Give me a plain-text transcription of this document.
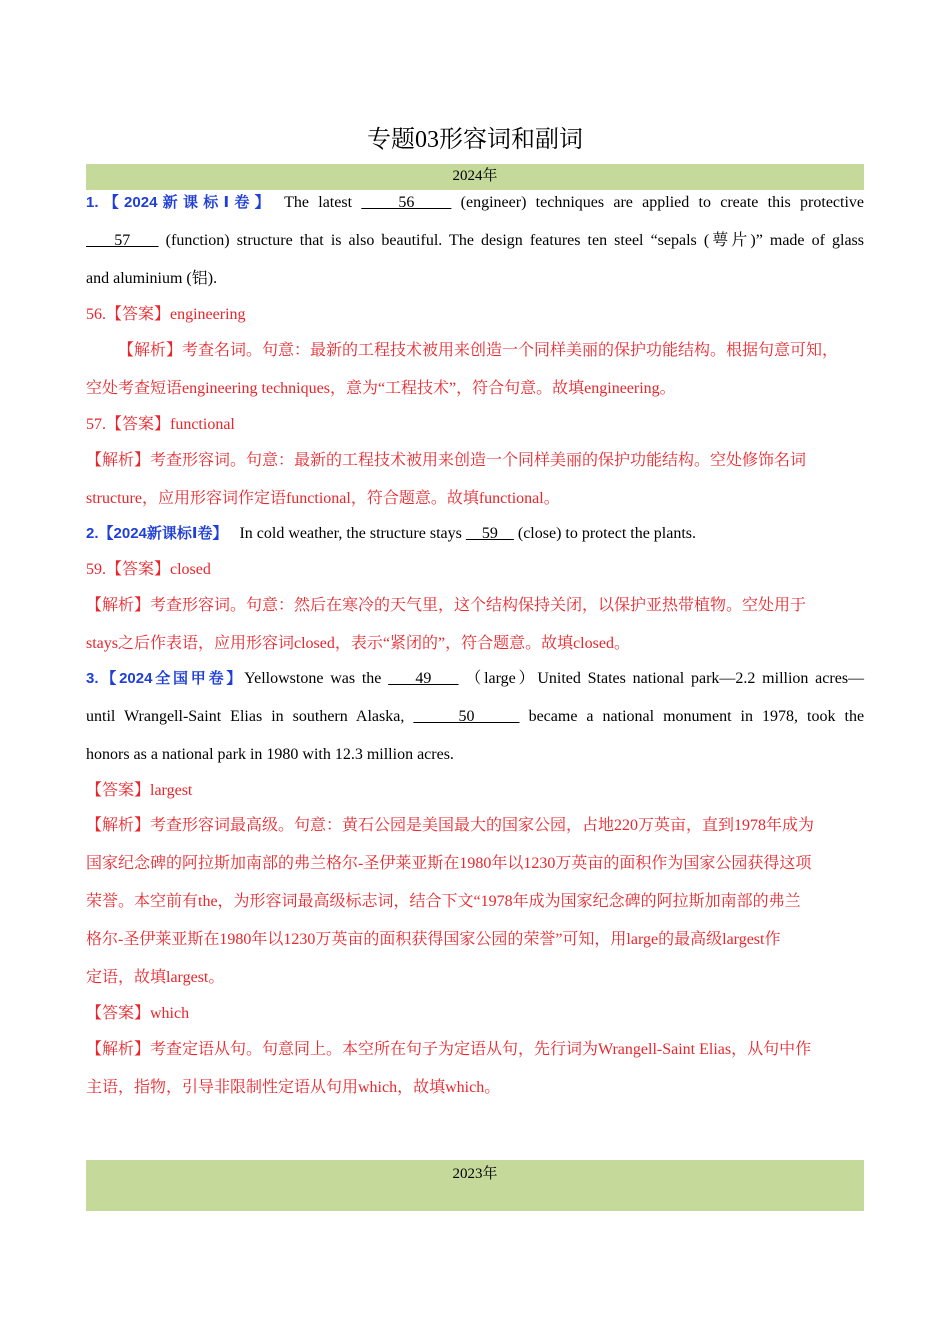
专题03形容词和副词
2024年
1.【2024新课标Ⅰ卷】 The latest     56     (engineer) techniques are applied to create this protective
57     (function) structure that is also beautiful. The design features ten steel “sepals (萼片)” made of glass
and aluminium (铝).
56.【答案】engineering
【解析】考查名词。句意：最新的工程技术被用来创造一个同样美丽的保护功能结构。根据句意可知，
空处考查短语engineering techniques，意为“工程技术”，符合句意。故填engineering。
57.【答案】functional
【解析】考查形容词。句意：最新的工程技术被用来创造一个同样美丽的保护功能结构。空处修饰名词
structure，应用形容词作定语functional，符合题意。故填functional。
2.【2024新课标Ⅰ卷】 In cold weather, the structure stays     59     (close) to protect the plants.
59.【答案】closed
【解析】考查形容词。句意：然后在寒冷的天气里，这个结构保持关闭，以保护亚热带植物。空处用于
stays之后作表语，应用形容词closed，表示“紧闭的”，符合题意。故填closed。
3.【2024全国甲卷】Yellowstone was the     49     （large）United States national park—2.2 million acres—
until Wrangell-Saint Elias in southern Alaska,      50      became a national monument in 1978, took the
honors as a national park in 1980 with 12.3 million acres.
【答案】largest
【解析】考查形容词最高级。句意：黄石公园是美国最大的国家公园，占地220万英亩，直到1978年成为
国家纪念碑的阿拉斯加南部的弗兰格尔-圣伊莱亚斯在1980年以1230万英亩的面积作为国家公园获得这项
荣誉。本空前有the，为形容词最高级标志词，结合下文“1978年成为国家纪念碑的阿拉斯加南部的弗兰
格尔-圣伊莱亚斯在1980年以1230万英亩的面积获得国家公园的荣誉”可知，用large的最高级largest作
定语，故填largest。
【答案】which
【解析】考查定语从句。句意同上。本空所在句子为定语从句，先行词为Wrangell-Saint Elias，从句中作
主语，指物，引导非限制性定语从句用which，故填which。
2023年
